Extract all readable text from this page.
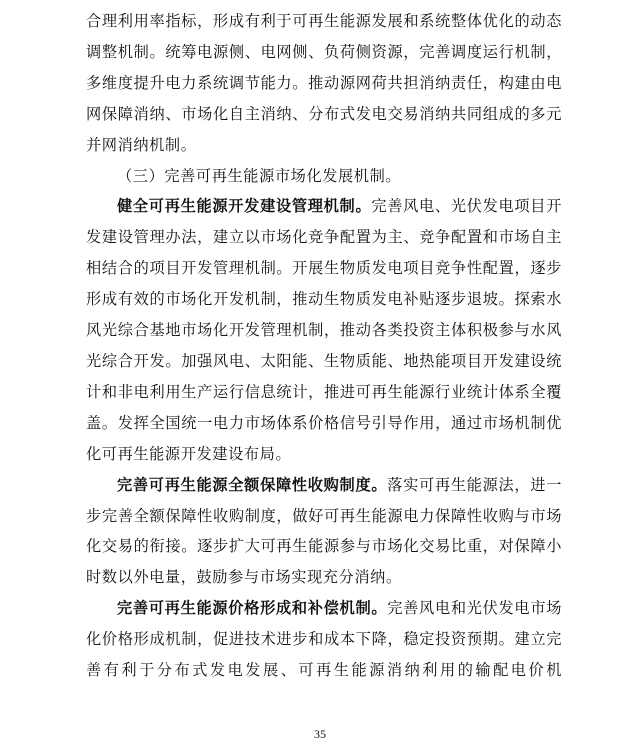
合理利用率指标，形成有利于可再生能源发展和系统整体优化的动态调整机制。统筹电源侧、电网侧、负荷侧资源，完善调度运行机制，多维度提升电力系统调节能力。推动源网荷共担消纳责任，构建由电网保障消纳、市场化自主消纳、分布式发电交易消纳共同组成的多元并网消纳机制。

（三）完善可再生能源市场化发展机制。

健全可再生能源开发建设管理机制。完善风电、光伏发电项目开发建设管理办法，建立以市场化竞争配置为主、竞争配置和市场自主相结合的项目开发管理机制。开展生物质发电项目竞争性配置，逐步形成有效的市场化开发机制，推动生物质发电补贴逐步退坡。探索水风光综合基地市场化开发管理机制，推动各类投资主体积极参与水风光综合开发。加强风电、太阳能、生物质能、地热能项目开发建设统计和非电利用生产运行信息统计，推进可再生能源行业统计体系全覆盖。发挥全国统一电力市场体系价格信号引导作用，通过市场机制优化可再生能源开发建设布局。

完善可再生能源全额保障性收购制度。落实可再生能源法，进一步完善全额保障性收购制度，做好可再生能源电力保障性收购与市场化交易的衔接。逐步扩大可再生能源参与市场化交易比重，对保障小时数以外电量，鼓励参与市场实现充分消纳。

完善可再生能源价格形成和补偿机制。完善风电和光伏发电市场化价格形成机制，促进技术进步和成本下降，稳定投资预期。建立完善有利于分布式发电发展、可再生能源消纳利用的输配电价机

35
